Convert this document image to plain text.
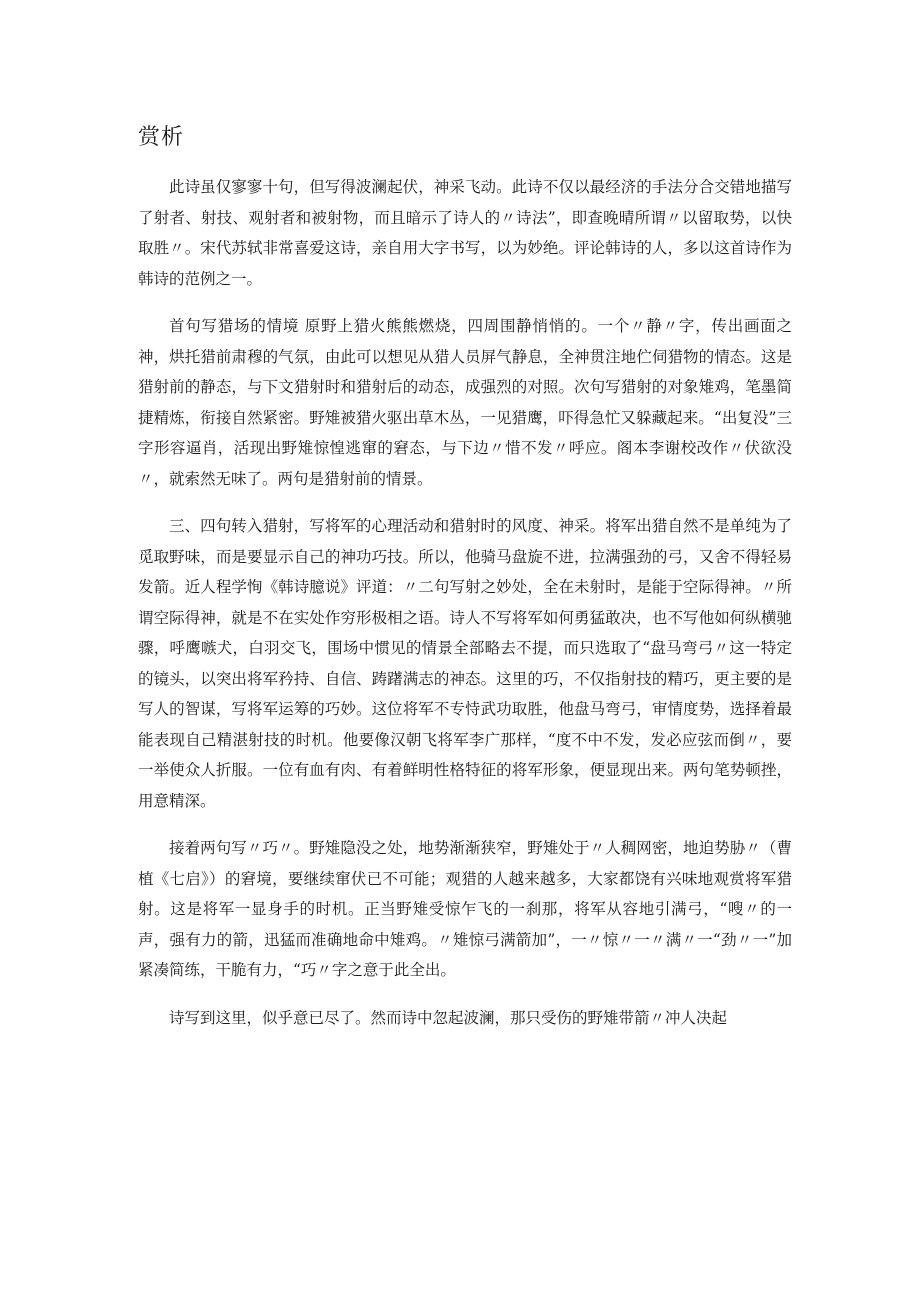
赏析

此诗虽仅寥寥十句，但写得波澜起伏，神采飞动。此诗不仅以最经济的手法分合交错地描写了射者、射技、观射者和被射物，而且暗示了诗人的〃诗法”，即查晚晴所谓〃以留取势，以快取胜〃。宋代苏轼非常喜爱这诗，亲自用大字书写，以为妙绝。评论韩诗的人，多以这首诗作为韩诗的范例之一。

首句写猎场的情境 原野上猎火熊熊燃烧，四周围静悄悄的。一个〃静〃字，传出画面之神，烘托猎前肃穆的气氛，由此可以想见从猎人员屏气静息，全神贯注地伫伺猎物的情态。这是猎射前的静态，与下文猎射时和猎射后的动态，成强烈的对照。次句写猎射的对象雉鸡，笔墨简捷精炼，衔接自然紧密。野雉被猎火驱出草木丛，一见猎鹰，吓得急忙又躲藏起来。“出复没”三字形容逼肖，活现出野雉惊惶逃窜的窘态，与下边〃惜不发〃呼应。阁本李谢校改作〃伏欲没〃，就索然无味了。两句是猎射前的情景。

三、四句转入猎射，写将军的心理活动和猎射时的风度、神采。将军出猎自然不是单纯为了觅取野味，而是要显示自己的神功巧技。所以，他骑马盘旋不进，拉满强劲的弓，又舍不得轻易发箭。近人程学恂《韩诗臆说》评道：〃二句写射之妙处，全在未射时，是能于空际得神。〃所谓空际得神，就是不在实处作穷形极相之语。诗人不写将军如何勇猛敢决，也不写他如何纵横驰骤，呼鹰嗾犬，白羽交飞，围场中惯见的情景全部略去不提，而只选取了“盘马弯弓〃这一特定的镜头，以突出将军矜持、自信、踌躇满志的神态。这里的巧，不仅指射技的精巧，更主要的是写人的智谋，写将军运筹的巧妙。这位将军不专恃武功取胜，他盘马弯弓，审情度势，选择着最能表现自己精湛射技的时机。他要像汉朝飞将军李广那样，“度不中不发，发必应弦而倒〃，要一举使众人折服。一位有血有肉、有着鲜明性格特征的将军形象，便显现出来。两句笔势顿挫，用意精深。

接着两句写〃巧〃。野雉隐没之处，地势渐渐狭窄，野雉处于〃人稠网密，地迫势胁〃（曹植《七启》）的窘境，要继续窜伏已不可能；观猎的人越来越多，大家都饶有兴味地观赏将军猎射。这是将军一显身手的时机。正当野雉受惊乍飞的一刹那，将军从容地引满弓，“嗖〃的一声，强有力的箭，迅猛而准确地命中雉鸡。〃雉惊弓满箭加”，一〃惊〃一〃满〃一“劲〃一”加紧凑简练，干脆有力，“巧〃字之意于此全出。

诗写到这里，似乎意已尽了。然而诗中忽起波澜，那只受伤的野雉带箭〃冲人决起
